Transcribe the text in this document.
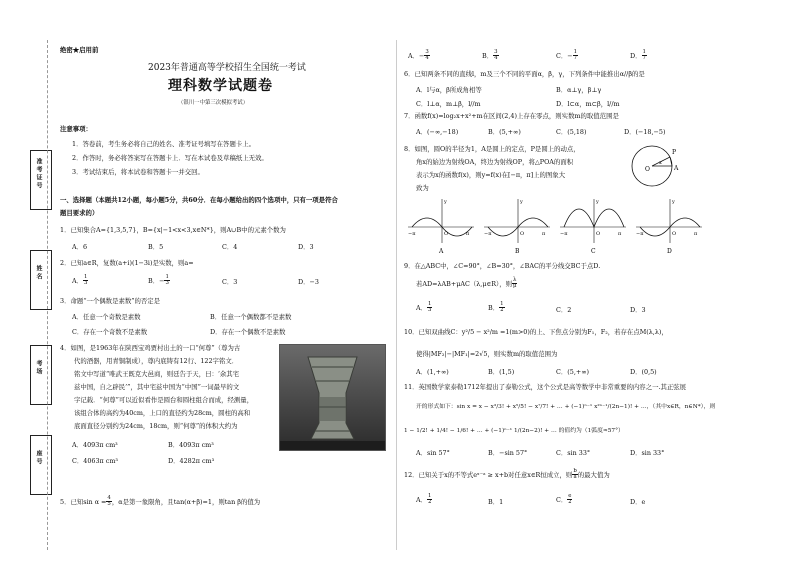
准考证号
姓名
考场
座号
绝密★启用前
2023年普通高等学校招生全国统一考试
理科数学试题卷
（银川一中第三次模拟考试）
注意事项：
1．答卷前，考生务必将自己的姓名、准考证号填写在答题卡上。
2．作答时，务必将答案写在答题卡上．写在本试卷及草稿纸上无效。
3．考试结束后，将本试卷和答题卡一并交回。
一、选择题（本题共12小题，每小题5分，共60分．在每小题给出的四个选项中，只有一项是符合
题目要求的）
1．已知集合A={1,3,5,7}，B={x|−1<x<3,x∈N*}，则A∪B中的元素个数为
A．6	B．5	C．4	D．3
2．已知a∈R，复数(a+i)(1−3i)是实数，则a=
A． $\frac{1}{3}$	B．− $\frac{1}{3}$	C．3	D．−3
3．命题“一个偶数是素数”的否定是
A．任意一个奇数是素数	B．任意一个偶数都不是素数
C．存在一个奇数不是素数	D．存在一个偶数不是素数
4．如图，是1963年在陕西宝鸡贾村出土的一口“何尊”（尊为古
代的酒器，用青铜制成），尊内底铸有12行、122字铭文．
铭文中写道“唯武王既克大邑商，则廷告于天，曰：‘余其宅
兹中国，自之辟民’”，其中宅兹中国为“中国”一词最早的文
字记载．“何尊”可以近似看作是圆台和圆柱组合而成，经测量，
该组合体的高约为40cm，上口的直径约为28cm，圆柱的高和
底面直径分别约为24cm，18cm，则“何尊”的体积大约为
A．4093π cm³	B．4093π cm³
C．4063π cm³	D．4282π cm³
5．已知$\sin \alpha = \frac{4}{5}$ ，α是第一象限角，且tan(α+β)=1，则tan β的值为
A．− $\frac{3}{4}$	B． $\frac{3}{4}$	C．− $\frac{1}{7}$	D． $\frac{1}{7}$
6．已知两条不同的直线l，m及三个不同的平面α，β，γ，下列条件中能推出α//β的是
A．l与α，β所成角相等	B．α⊥γ，β⊥γ
C．l⊥α，m⊥β，l//m	D．l⊂α，m⊂β，l//m
7．函数f(x)=log₂x+x²+m在区间(2,4)上存在零点，则实数m的取值范围是
A．(−∞,−18)	B．(5,+∞)	C．(5,18)	D．(−18,−5)
8．如图，圆O的半径为1，A是圆上的定点，P是圆上的动点，
角x的始边为射线OA，终边为射线OP，将△POA的面积
表示为x的函数f(x)，则y=f(x)在[−π，π]上的图象大
致为
P
O	A
x
−π	O	π
y
A
−π	O	π
y
B
−π	O	π
y
C
−π	O	π
y
D
9．在△ABC中，∠C=90°，∠B=30°，∠BAC的平分线交BC于点D.
若AD=λAB+μAC（λ,μ∈R），则 $\frac{\lambda}{\mu}$
A． $\frac{1}{3}$	B． $\frac{1}{2}$	C．2	D．3
10．已知双曲线C：y²/5 − x²/m =1(m>0)的上、下焦点分别为F₁，F₂，若存在点M(λ,λ)，
使得|MF₂|−|MF₁|=2√5，则实数m的取值范围为
A．(1,+∞)	B．(1,5)	C．(5,+∞)	D．(0,5)
11．英国数学家泰勒1712年提出了泰勒公式，这个公式是高等数学中非常重要的内容之一.其正弦展
开的形式如下：sin x = x − x³/3! + x⁵/5! − x⁷/7! + … + (−1)ⁿ⁻¹ x²ⁿ⁻¹/(2n−1)! + …，（其中x∈R，n∈N*），则
1 − 1/2! + 1/4! − 1/6! + … + (−1)ⁿ⁻¹ 1/(2n−2)! + … 的值约为（1弧度≈57°）
A．sin 57°	B．−sin 57°	C．sin 33°	D．sin 33°
12．已知关于x的不等式eˣ⁻ᵃ ≥ x+b对任意x∈R恒成立，则 $\frac{b}{a}$ 的最大值为
A． $\frac{1}{2}$	B．1	C． $\frac{e}{2}$	D．e
